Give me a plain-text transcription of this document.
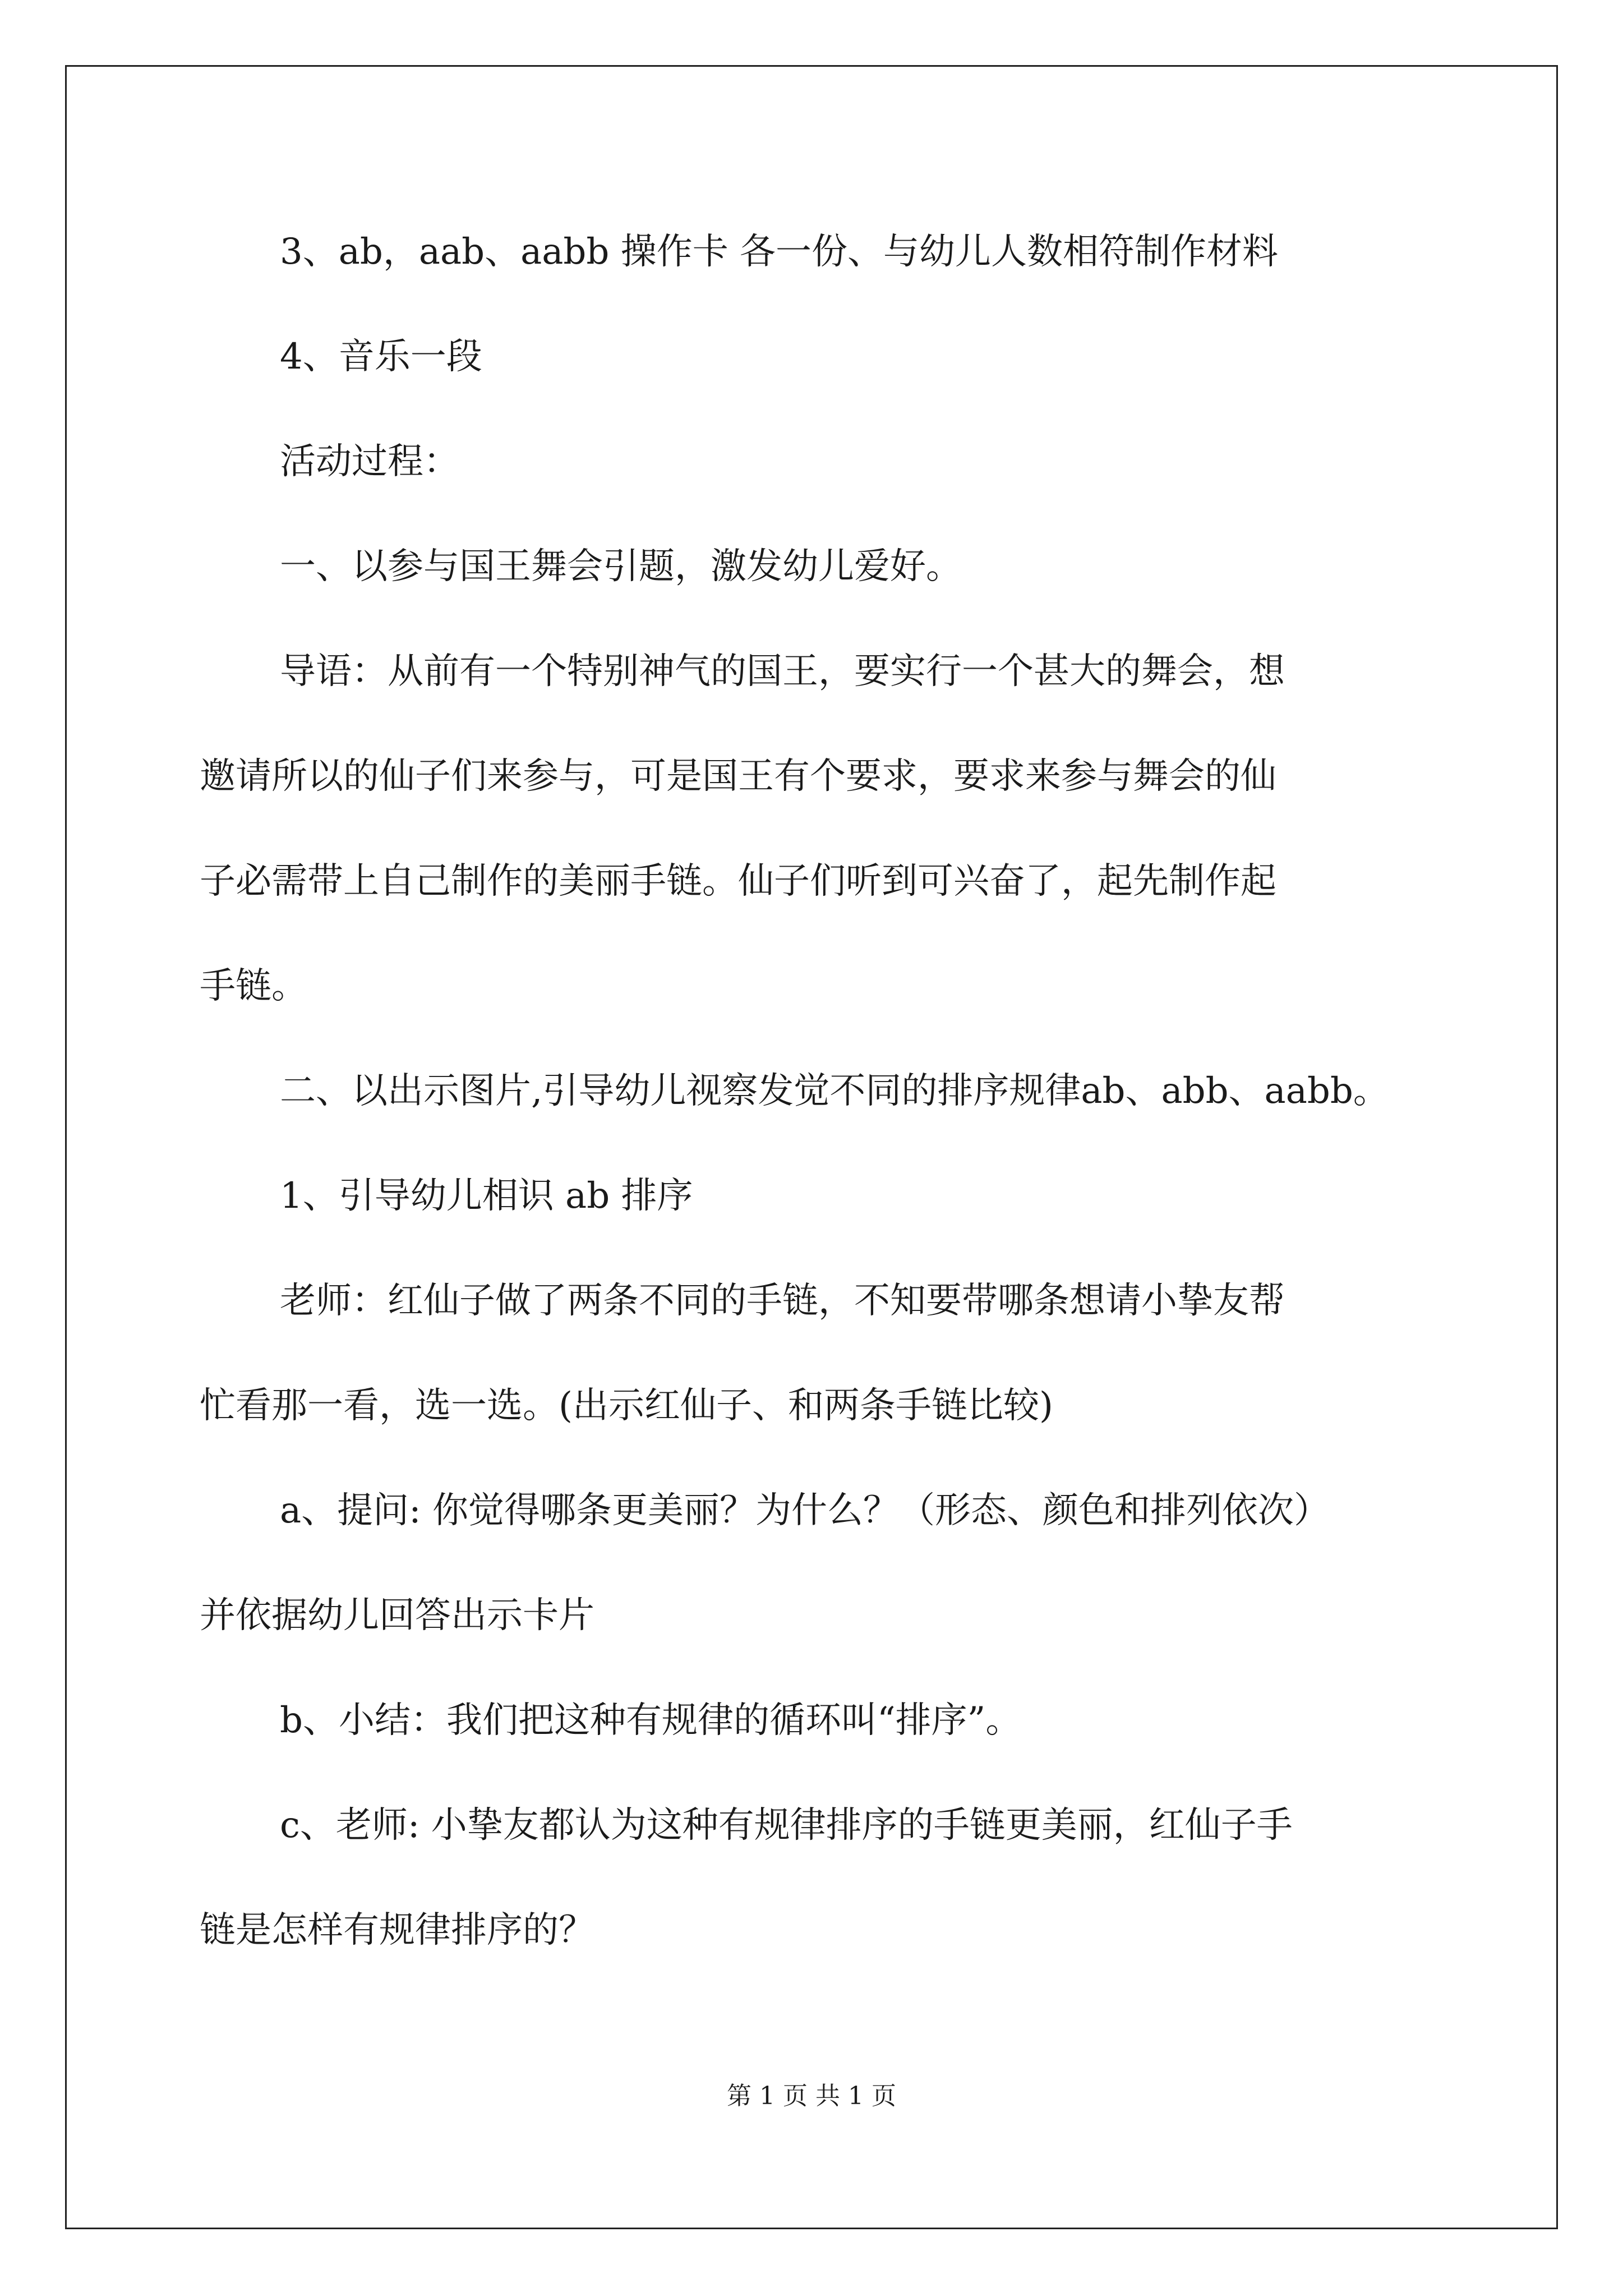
3、ab，aab、aabb 操作卡 各一份、与幼儿人数相符制作材料
4、音乐一段
活动过程：
一、以参与国王舞会引题，激发幼儿爱好。
导语：从前有一个特别神气的国王，要实行一个甚大的舞会，想
邀请所以的仙子们来参与，可是国王有个要求，要求来参与舞会的仙
子必需带上自己制作的美丽手链。仙子们听到可兴奋了，起先制作起
手链。
二、以出示图片,引导幼儿视察发觉不同的排序规律ab、abb、aabb。
1、引导幼儿相识 ab 排序
老师：红仙子做了两条不同的手链，不知要带哪条想请小挚友帮
忙看那一看，选一选。(出示红仙子、和两条手链比较)
a、提问: 你觉得哪条更美丽？为什么？（形态、颜色和排列依次）
并依据幼儿回答出示卡片
b、小结：我们把这种有规律的循环叫“排序”。
c、老师: 小挚友都认为这种有规律排序的手链更美丽，红仙子手
链是怎样有规律排序的？
第 1 页 共 1 页
